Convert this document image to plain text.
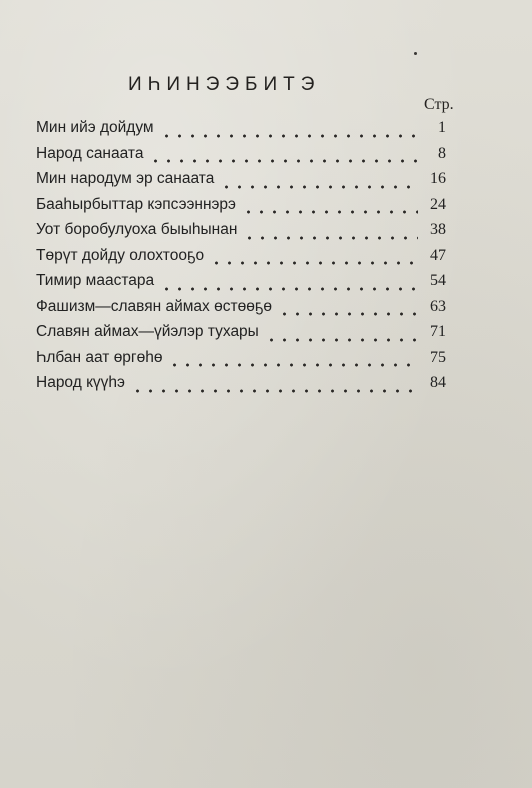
ИҺИНЭЭБИТЭ
Стр.
Мин ийэ дойдум	1
Народ санаата	8
Мин народум эр санаата	16
Бааһырбыттар кэпсээннэрэ	24
Уот боробулуоха быыһынан	38
Төрүт дойду олохтооҕо	47
Тимир маастара	54
Фашизм—славян аймах өстөөҕө	63
Славян аймах—үйэлэр тухары	71
Һлбан аат өргөһө	75
Народ күүһэ	84
